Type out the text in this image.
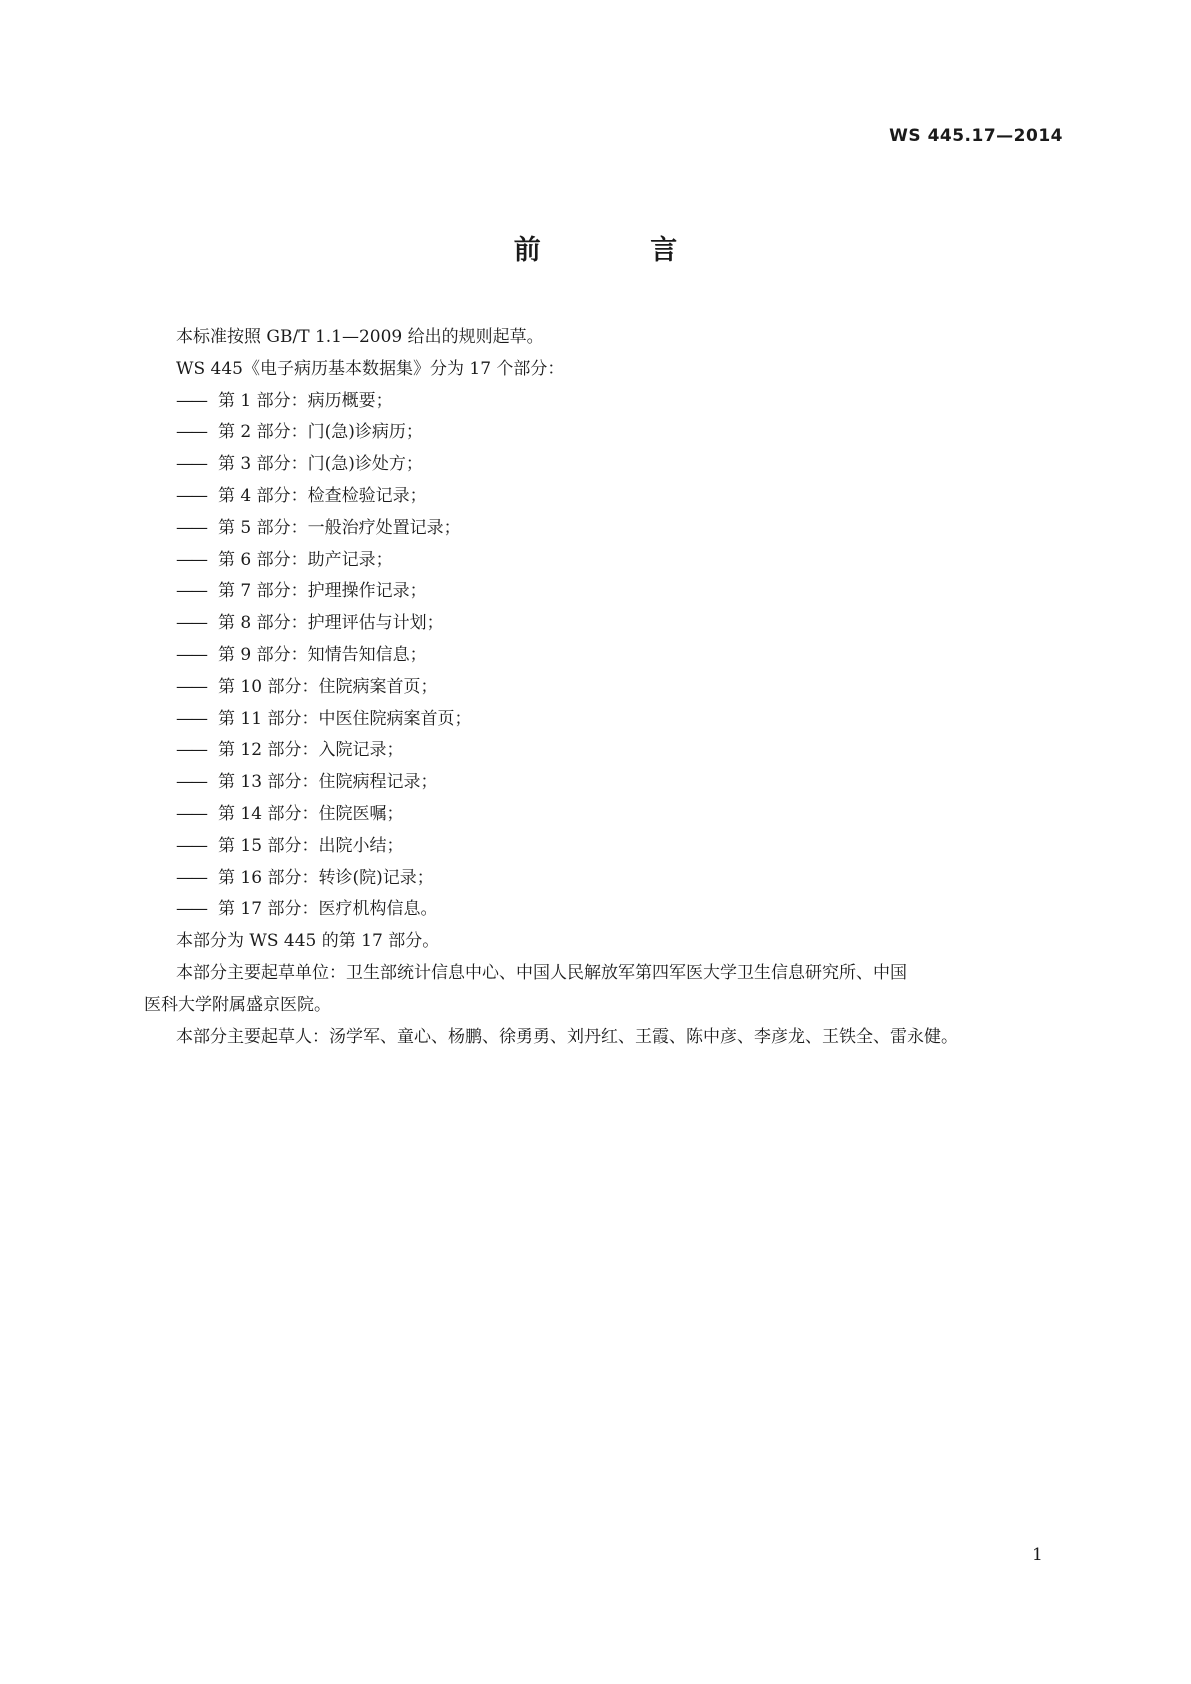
WS 445.17—2014
前 言

本标准按照 GB/T 1.1—2009 给出的规则起草。

WS 445《电子病历基本数据集》分为 17 个部分：

—— 第 1 部分：病历概要；
—— 第 2 部分：门(急)诊病历；
—— 第 3 部分：门(急)诊处方；
—— 第 4 部分：检查检验记录；
—— 第 5 部分：一般治疗处置记录；
—— 第 6 部分：助产记录；
—— 第 7 部分：护理操作记录；
—— 第 8 部分：护理评估与计划；
—— 第 9 部分：知情告知信息；
—— 第 10 部分：住院病案首页；
—— 第 11 部分：中医住院病案首页；
—— 第 12 部分：入院记录；
—— 第 13 部分：住院病程记录；
—— 第 14 部分：住院医嘱；
—— 第 15 部分：出院小结；
—— 第 16 部分：转诊(院)记录；
—— 第 17 部分：医疗机构信息。

本部分为 WS 445 的第 17 部分。

本部分主要起草单位：卫生部统计信息中心、中国人民解放军第四军医大学卫生信息研究所、中国

医科大学附属盛京医院。

本部分主要起草人：汤学军、童心、杨鹏、徐勇勇、刘丹红、王霞、陈中彦、李彦龙、王铁全、雷永健。

1
